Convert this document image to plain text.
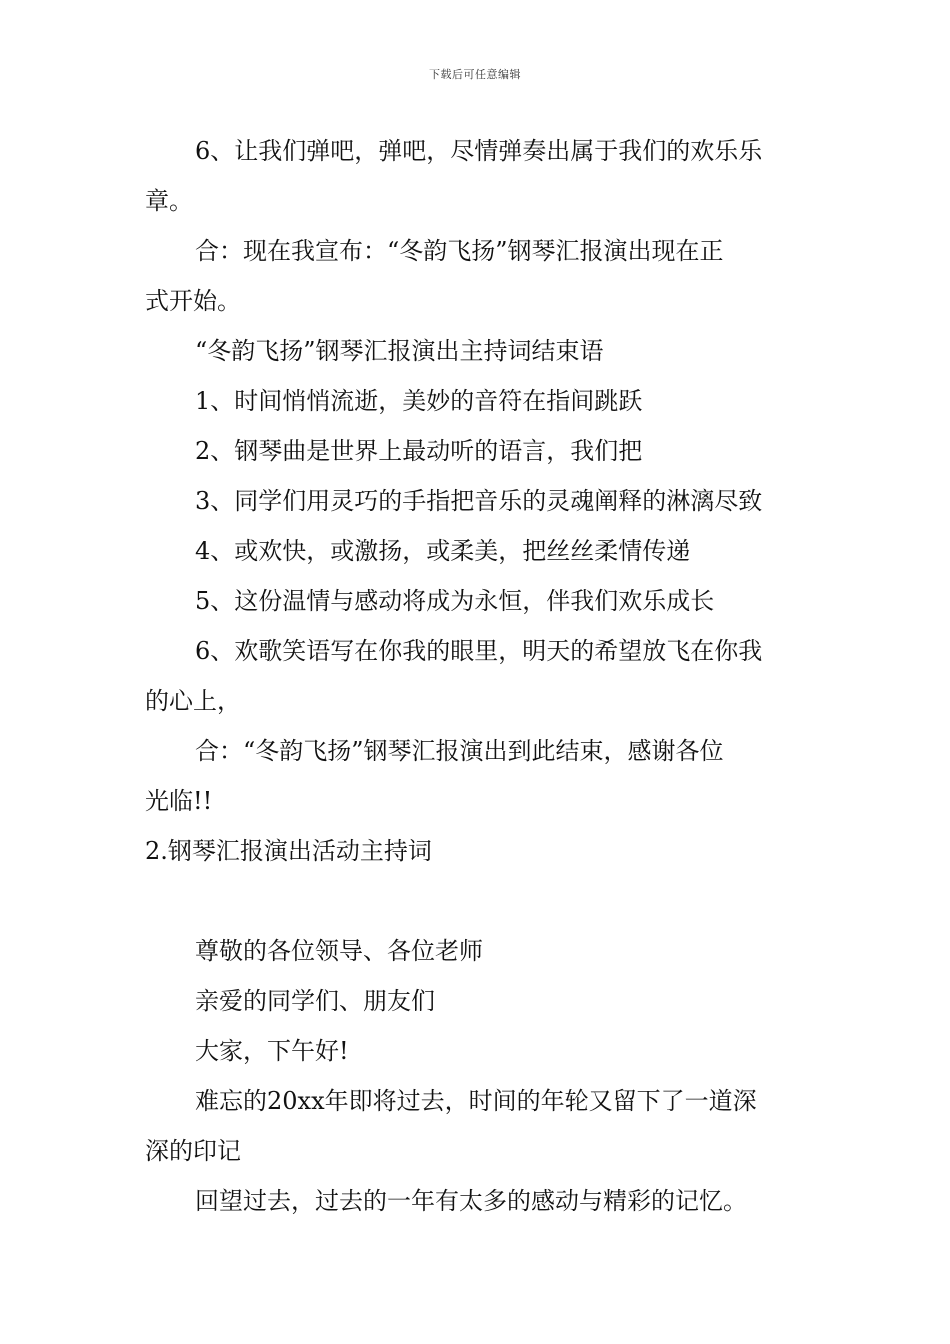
下载后可任意编辑
6、让我们弹吧，弹吧，尽情弹奏出属于我们的欢乐乐
章。
合：现在我宣布：“冬韵飞扬”钢琴汇报演出现在正
式开始。
“冬韵飞扬”钢琴汇报演出主持词结束语
1、时间悄悄流逝，美妙的音符在指间跳跃
2、钢琴曲是世界上最动听的语言，我们把
3、同学们用灵巧的手指把音乐的灵魂阐释的淋漓尽致
4、或欢快，或激扬，或柔美，把丝丝柔情传递
5、这份温情与感动将成为永恒，伴我们欢乐成长
6、欢歌笑语写在你我的眼里，明天的希望放飞在你我
的心上，
合：“冬韵飞扬”钢琴汇报演出到此结束，感谢各位
光临!!
2.钢琴汇报演出活动主持词
尊敬的各位领导、各位老师
亲爱的同学们、朋友们
大家，下午好!
难忘的20xx年即将过去，时间的年轮又留下了一道深
深的印记
回望过去，过去的一年有太多的感动与精彩的记忆。
